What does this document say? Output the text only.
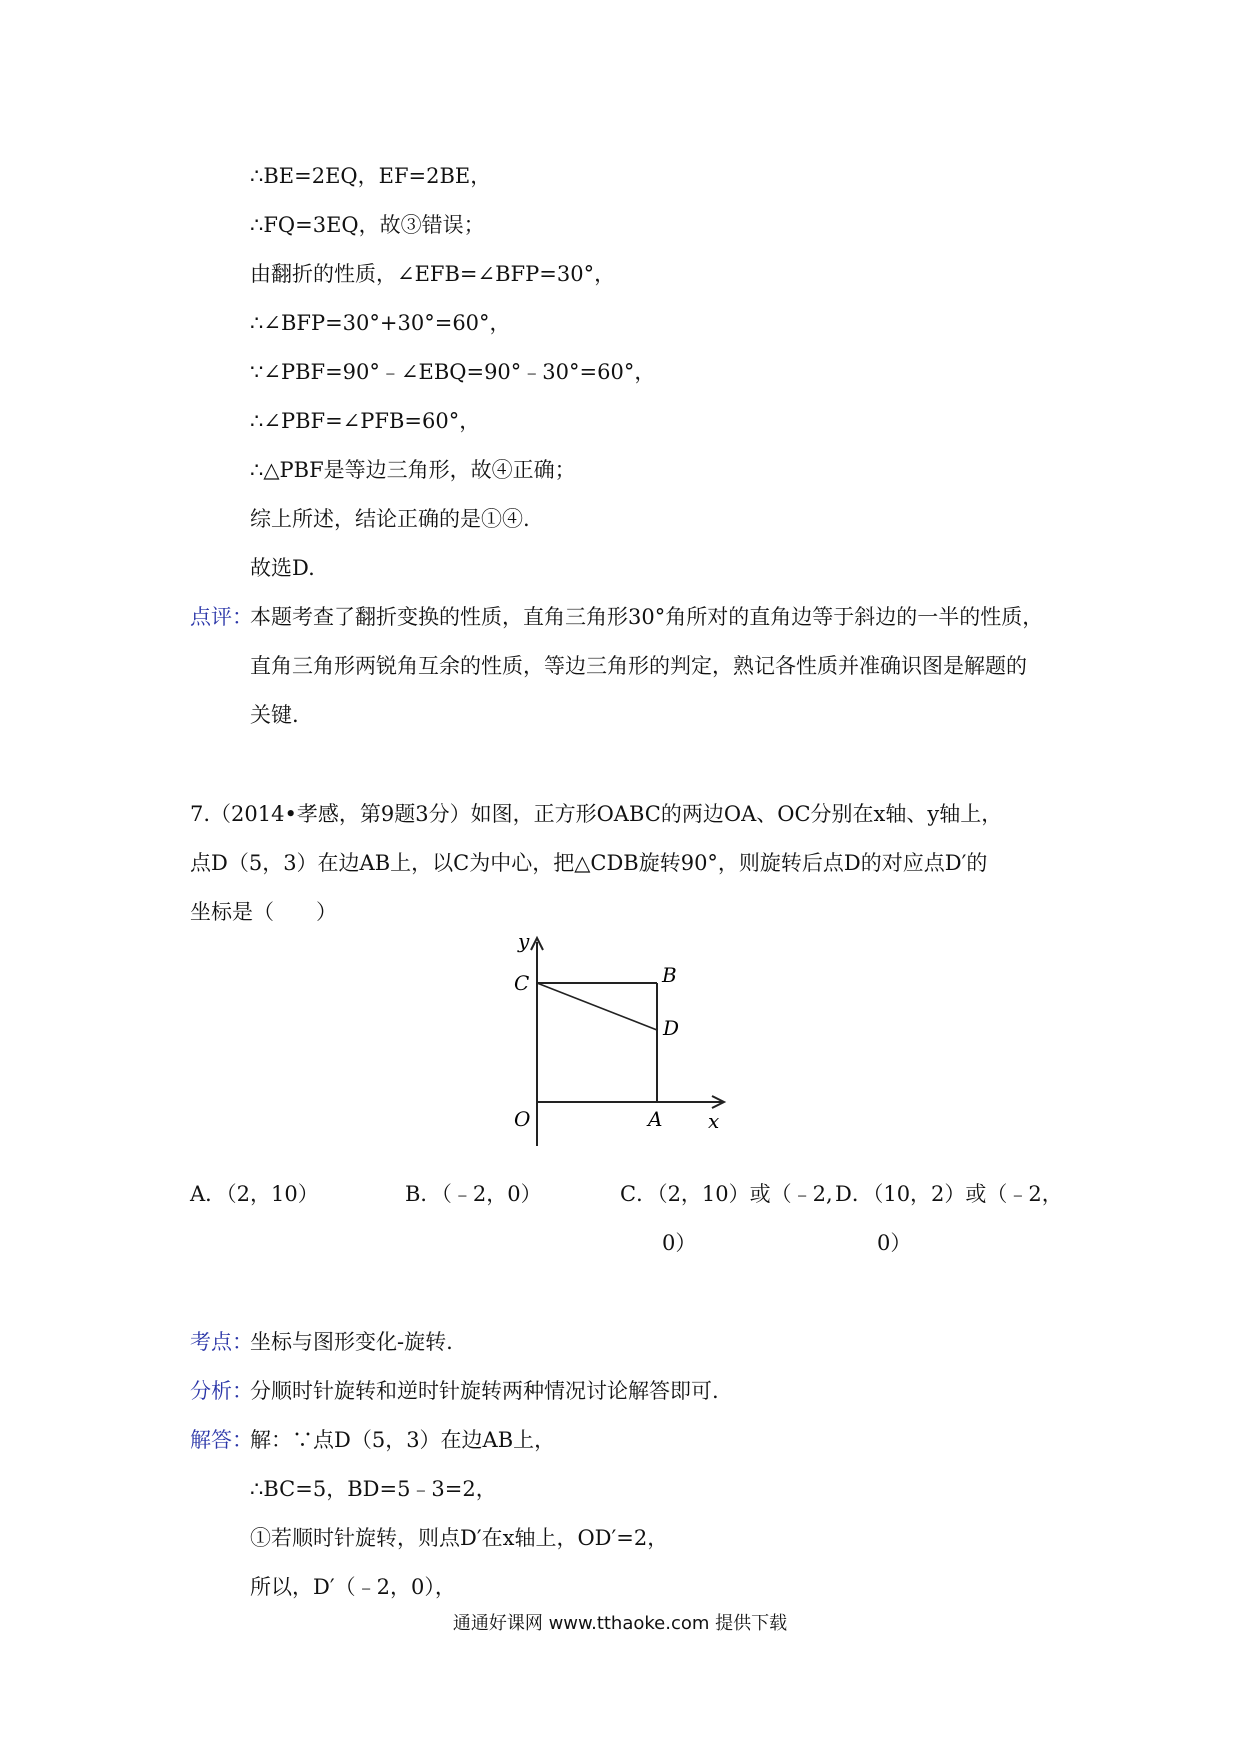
∴BE=2EQ，EF=2BE，
∴FQ=3EQ，故③错误；
由翻折的性质，∠EFB=∠BFP=30°，
∴∠BFP=30°+30°=60°，
∵∠PBF=90°﹣∠EBQ=90°﹣30°=60°，
∴∠PBF=∠PFB=60°，
∴△PBF是等边三角形，故④正确；
综上所述，结论正确的是①④.
故选D.
点评：
本题考查了翻折变换的性质，直角三角形30°角所对的直角边等于斜边的一半的性质，
直角三角形两锐角互余的性质，等边三角形的判定，熟记各性质并准确识图是解题的
关键.
7.（2014•孝感，第9题3分）如图，正方形OABC的两边OA、OC分别在x轴、y轴上，
点D（5，3）在边AB上，以C为中心，把△CDB旋转90°，则旋转后点D的对应点D′的
坐标是（　　）
y
C	B
D
O	A x
A．（2，10）	B．（﹣2，0）	C．（2，10）或（﹣2,
0）
D．（10，2）或（﹣2，
0）
考点：
坐标与图形变化-旋转.
分析：
分顺时针旋转和逆时针旋转两种情况讨论解答即可.
解答：
解：∵点D（5，3）在边AB上，
∴BC=5，BD=5﹣3=2，
①若顺时针旋转，则点D′在x轴上，OD′=2，
所以，D′（﹣2，0），
通通好课网 www.tthaoke.com 提供下载
